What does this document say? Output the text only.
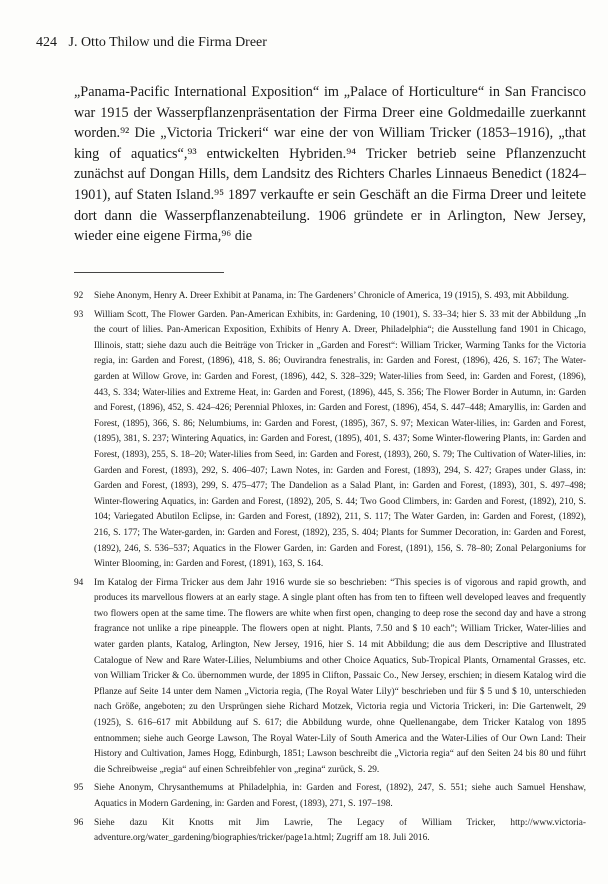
424 J. Otto Thilow und die Firma Dreer

„Panama-Pacific International Exposition“ im „Palace of Horticulture“ in San Francisco war 1915 der Wasserpflanzenpräsentation der Firma Dreer eine Goldmedaille zuerkannt worden.⁹² Die „Victoria Trickeri“ war eine der von William Tricker (1853–1916), „that king of aquatics“,⁹³ entwickelten Hybriden.⁹⁴ Tricker betrieb seine Pflanzenzucht zunächst auf Dongan Hills, dem Landsitz des Richters Charles Linnaeus Benedict (1824–1901), auf Staten Island.⁹⁵ 1897 verkaufte er sein Geschäft an die Firma Dreer und leitete dort dann die Wasserpflanzenabteilung. 1906 gründete er in Arlington, New Jersey, wieder eine eigene Firma,⁹⁶ die

92	Siehe Anonym, Henry A. Dreer Exhibit at Panama, in: The Gardeners’ Chronicle of America, 19 (1915), S. 493, mit Abbildung.
93	William Scott, The Flower Garden. Pan-American Exhibits, in: Gardening, 10 (1901), S. 33–34; hier S. 33 mit der Abbildung „In the court of lilies. Pan-American Exposition, Exhibits of Henry A. Dreer, Philadelphia“; die Ausstellung fand 1901 in Chicago, Illinois, statt; siehe dazu auch die Beiträge von Tricker in „Garden and Forest“: William Tricker, Warming Tanks for the Victoria regia, in: Garden and Forest, (1896), 418, S. 86; Ouvirandra fenestralis, in: Garden and Forest, (1896), 426, S. 167; The Water-garden at Willow Grove, in: Garden and Forest, (1896), 442, S. 328–329; Water-lilies from Seed, in: Garden and Forest, (1896), 443, S. 334; Water-lilies and Extreme Heat, in: Garden and Forest, (1896), 445, S. 356; The Flower Border in Autumn, in: Garden and Forest, (1896), 452, S. 424–426; Perennial Phloxes, in: Garden and Forest, (1896), 454, S. 447–448; Amaryllis, in: Garden and Forest, (1895), 366, S. 86; Nelumbiums, in: Garden and Forest, (1895), 367, S. 97; Mexican Water-lilies, in: Garden and Forest, (1895), 381, S. 237; Wintering Aquatics, in: Garden and Forest, (1895), 401, S. 437; Some Winter-flowering Plants, in: Garden and Forest, (1893), 255, S. 18–20; Water-lilies from Seed, in: Garden and Forest, (1893), 260, S. 79; The Cultivation of Water-lilies, in: Garden and Forest, (1893), 292, S. 406–407; Lawn Notes, in: Garden and Forest, (1893), 294, S. 427; Grapes under Glass, in: Garden and Forest, (1893), 299, S. 475–477; The Dandelion as a Salad Plant, in: Garden and Forest, (1893), 301, S. 497–498; Winter-flowering Aquatics, in: Garden and Forest, (1892), 205, S. 44; Two Good Climbers, in: Garden and Forest, (1892), 210, S. 104; Variegated Abutilon Eclipse, in: Garden and Forest, (1892), 211, S. 117; The Water Garden, in: Garden and Forest, (1892), 216, S. 177; The Water-garden, in: Garden and Forest, (1892), 235, S. 404; Plants for Summer Decoration, in: Garden and Forest, (1892), 246, S. 536–537; Aquatics in the Flower Garden, in: Garden and Forest, (1891), 156, S. 78–80; Zonal Pelargoniums for Winter Blooming, in: Garden and Forest, (1891), 163, S. 164.
94	Im Katalog der Firma Tricker aus dem Jahr 1916 wurde sie so beschrieben: “This species is of vigorous and rapid growth, and produces its marvellous flowers at an early stage. A single plant often has from ten to fifteen well developed leaves and frequently two flowers open at the same time. The flowers are white when first open, changing to deep rose the second day and have a strong fragrance not unlike a ripe pineapple. The flowers open at night. Plants, 7.50 and $ 10 each”; William Tricker, Water-lilies and water garden plants, Katalog, Arlington, New Jersey, 1916, hier S. 14 mit Abbildung; die aus dem Descriptive and Illustrated Catalogue of New and Rare Water-Lilies, Nelumbiums and other Choice Aquatics, Sub-Tropical Plants, Ornamental Grasses, etc. von William Tricker & Co. übernommen wurde, der 1895 in Clifton, Passaic Co., New Jersey, erschien; in diesem Katalog wird die Pflanze auf Seite 14 unter dem Namen „Victoria regia, (The Royal Water Lily)“ beschrieben und für $ 5 und $ 10, unterschieden nach Größe, angeboten; zu den Ursprüngen siehe Richard Motzek, Victoria regia und Victoria Trickeri, in: Die Gartenwelt, 29 (1925), S. 616–617 mit Abbildung auf S. 617; die Abbildung wurde, ohne Quellenangabe, dem Tricker Katalog von 1895 entnommen; siehe auch George Lawson, The Royal Water-Lily of South America and the Water-Lilies of Our Own Land: Their History and Cultivation, James Hogg, Edinburgh, 1851; Lawson beschreibt die „Victoria regia“ auf den Seiten 24 bis 80 und führt die Schreibweise „regia“ auf einen Schreibfehler von „regina“ zurück, S. 29.
95	Siehe Anonym, Chrysanthemums at Philadelphia, in: Garden and Forest, (1892), 247, S. 551; siehe auch Samuel Henshaw, Aquatics in Modern Gardening, in: Garden and Forest, (1893), 271, S. 197–198.
96	Siehe dazu Kit Knotts mit Jim Lawrie, The Legacy of William Tricker, http://www.victoria-adventure.org/water_gardening/biographies/tricker/page1a.html; Zugriff am 18. Juli 2016.
